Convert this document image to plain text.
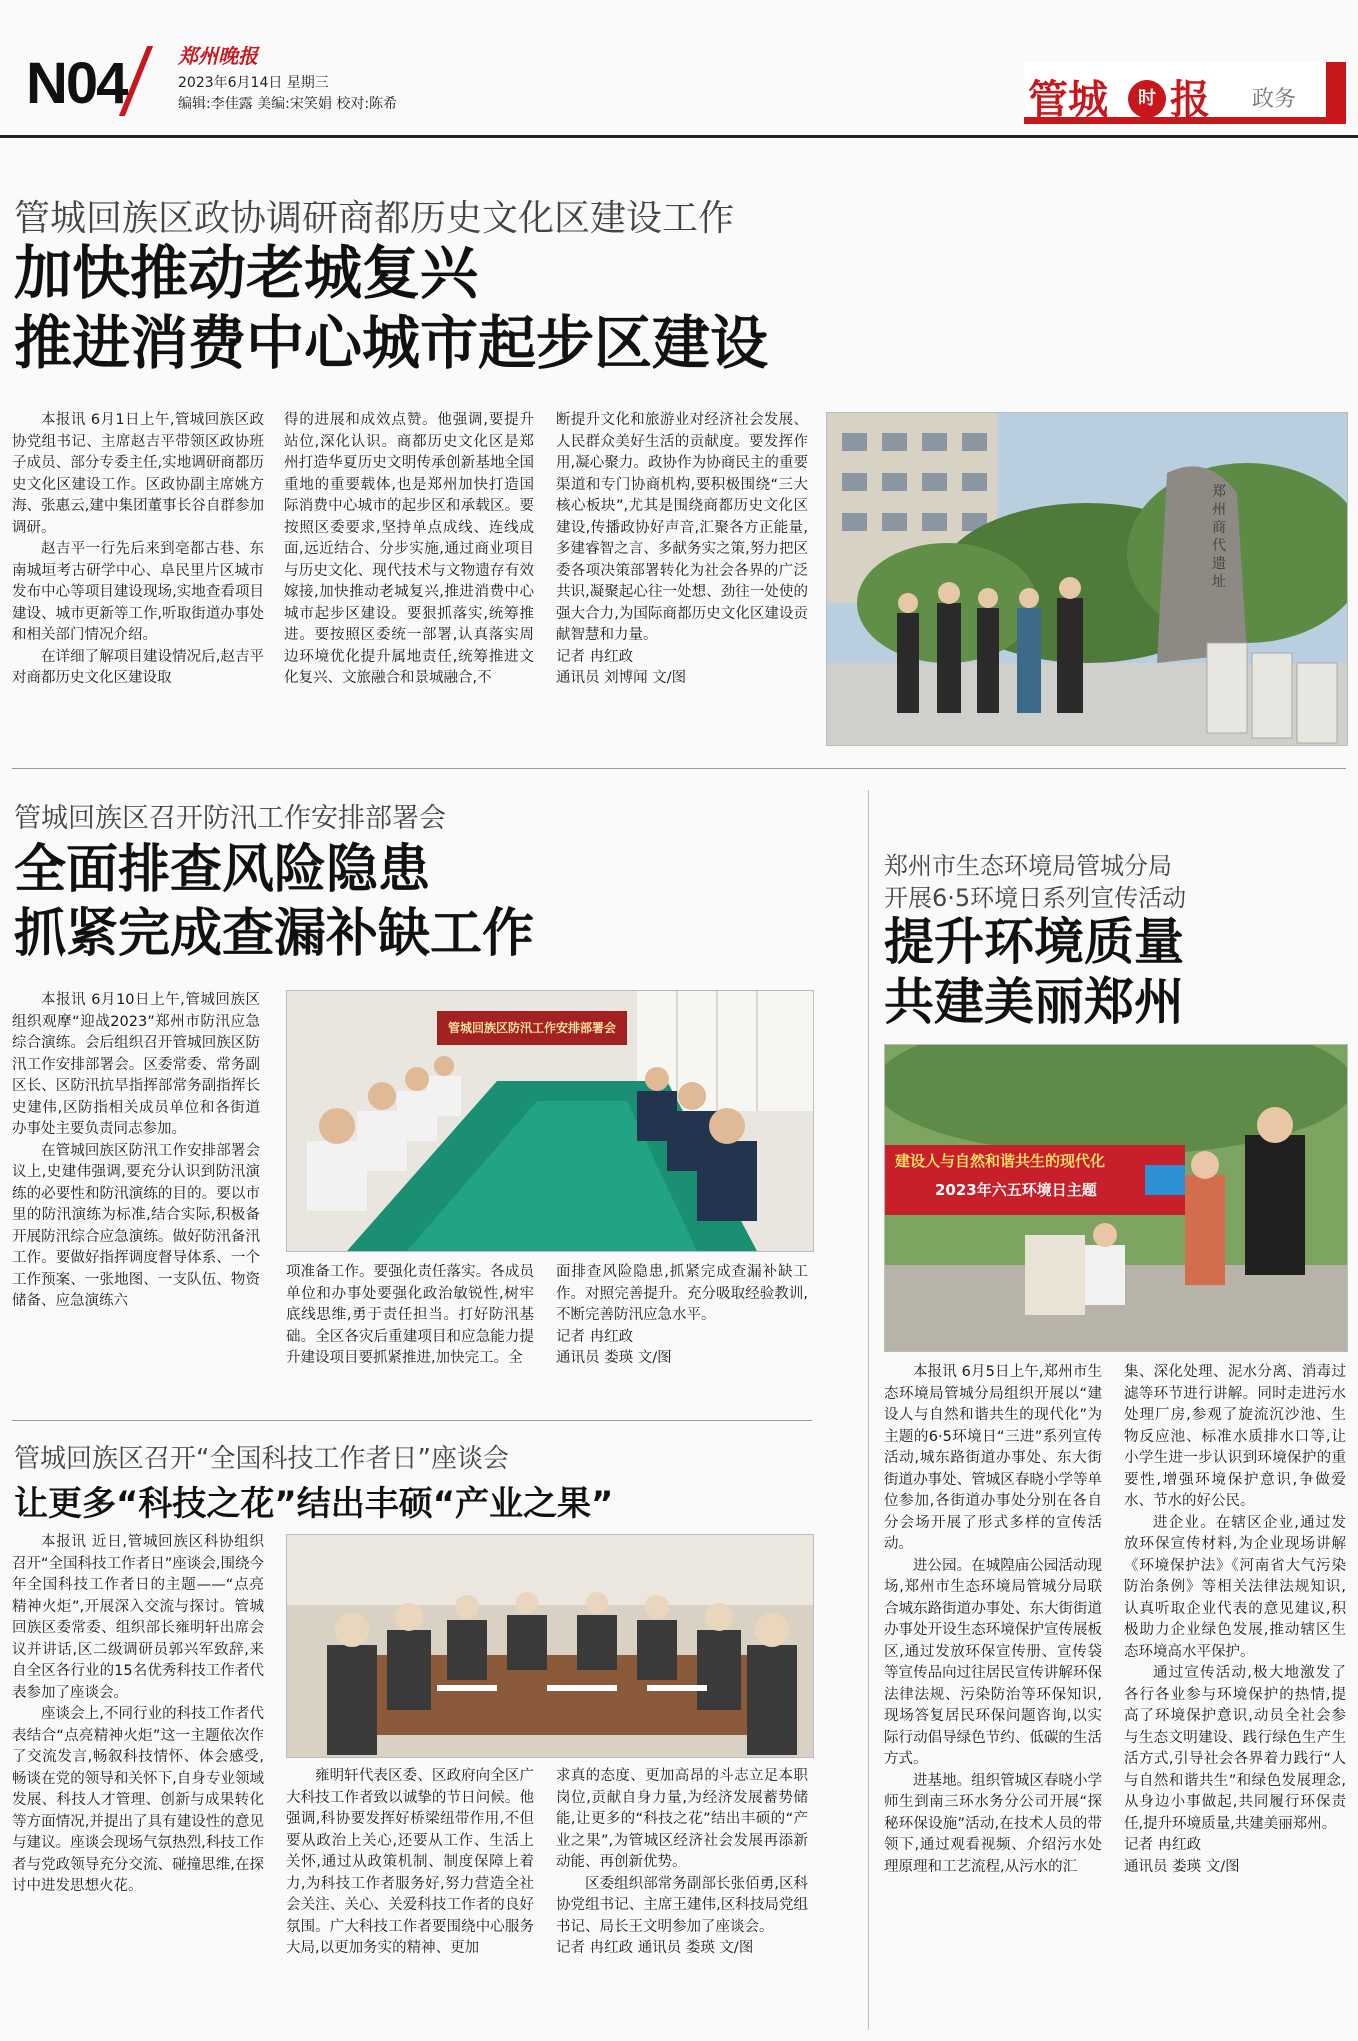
N04	郑州晚报
2023年6月14日 星期三
编辑:李佳露 美编:宋笑娟 校对:陈希	管城	时 报 政务
管城回族区政协调研商都历史文化区建设工作
加快推动老城复兴
推进消费中心城市起步区建设

本报讯 6月1日上午,管城回族区政协党组书记、主席赵吉平带领区政协班子成员、部分专委主任,实地调研商都历史文化区建设工作。区政协副主席姚方海、张惠云,建中集团董事长谷自群参加调研。

赵吉平一行先后来到亳都古巷、东南城垣考古研学中心、阜民里片区城市发布中心等项目建设现场,实地查看项目建设、城市更新等工作,听取街道办事处和相关部门情况介绍。

在详细了解项目建设情况后,赵吉平对商都历史文化区建设取

得的进展和成效点赞。他强调,要提升站位,深化认识。商都历史文化区是郑州打造华夏历史文明传承创新基地全国重地的重要载体,也是郑州加快打造国际消费中心城市的起步区和承载区。要按照区委要求,坚持单点成线、连线成面,远近结合、分步实施,通过商业项目与历史文化、现代技术与文物遗存有效嫁接,加快推动老城复兴,推进消费中心城市起步区建设。要狠抓落实,统筹推进。要按照区委统一部署,认真落实周边环境优化提升属地责任,统筹推进文化复兴、文旅融合和景城融合,不

断提升文化和旅游业对经济社会发展、人民群众美好生活的贡献度。要发挥作用,凝心聚力。政协作为协商民主的重要渠道和专门协商机构,要积极围绕“三大核心板块”,尤其是围绕商都历史文化区建设,传播政协好声音,汇聚各方正能量,多建睿智之言、多献务实之策,努力把区委各项决策部署转化为社会各界的广泛共识,凝聚起心往一处想、劲往一处使的强大合力,为国际商都历史文化区建设贡献智慧和力量。

记者 冉红政

通讯员 刘博闻 文/图

郑州商代遗址
管城回族区召开防汛工作安排部署会
全面排查风险隐患
抓紧完成查漏补缺工作

本报讯 6月10日上午,管城回族区组织观摩“迎战2023”郑州市防汛应急综合演练。会后组织召开管城回族区防汛工作安排部署会。区委常委、常务副区长、区防汛抗旱指挥部常务副指挥长史建伟,区防指相关成员单位和各街道办事处主要负责同志参加。

在管城回族区防汛工作安排部署会议上,史建伟强调,要充分认识到防汛演练的必要性和防汛演练的目的。要以市里的防汛演练为标准,结合实际,积极备开展防汛综合应急演练。做好防汛备汛工作。要做好指挥调度督导体系、一个工作预案、一张地图、一支队伍、物资储备、应急演练六

管城回族区防汛工作安排部署会

项准备工作。要强化责任落实。各成员单位和办事处要强化政治敏锐性,树牢底线思维,勇于责任担当。打好防汛基础。全区各灾后重建项目和应急能力提升建设项目要抓紧推进,加快完工。全

面排查风险隐患,抓紧完成查漏补缺工作。对照完善提升。充分吸取经验教训,不断完善防汛应急水平。

记者 冉红政

通讯员 娄瑛 文/图

管城回族区召开“全国科技工作者日”座谈会
让更多“科技之花”结出丰硕“产业之果”

本报讯 近日,管城回族区科协组织召开“全国科技工作者日”座谈会,围绕今年全国科技工作者日的主题——“点亮精神火炬”,开展深入交流与探讨。管城回族区委常委、组织部长雍明轩出席会议并讲话,区二级调研员郭兴军致辞,来自全区各行业的15名优秀科技工作者代表参加了座谈会。

座谈会上,不同行业的科技工作者代表结合“点亮精神火炬”这一主题依次作了交流发言,畅叙科技情怀、体会感受,畅谈在党的领导和关怀下,自身专业领域发展、科技人才管理、创新与成果转化等方面情况,并提出了具有建设性的意见与建议。座谈会现场气氛热烈,科技工作者与党政领导充分交流、碰撞思维,在探讨中进发思想火花。

雍明轩代表区委、区政府向全区广大科技工作者致以诚挚的节日问候。他强调,科协要发挥好桥梁纽带作用,不但要从政治上关心,还要从工作、生活上关怀,通过从政策机制、制度保障上着力,为科技工作者服务好,努力营造全社会关注、关心、关爱科技工作者的良好氛围。广大科技工作者要围绕中心服务大局,以更加务实的精神、更加

求真的态度、更加高昂的斗志立足本职岗位,贡献自身力量,为经济发展蓄势储能,让更多的“科技之花”结出丰硕的“产业之果”,为管城区经济社会发展再添新动能、再创新优势。

区委组织部常务副部长张佰勇,区科协党组书记、主席王建伟,区科技局党组书记、局长王文明参加了座谈会。

记者 冉红政 通讯员 娄瑛 文/图

郑州市生态环境局管城分局
开展6·5环境日系列宣传活动
提升环境质量
共建美丽郑州
建设人与自然和谐共生的现代化
2023年六五环境日主题

本报讯 6月5日上午,郑州市生态环境局管城分局组织开展以“建设人与自然和谐共生的现代化”为主题的6·5环境日“三进”系列宣传活动,城东路街道办事处、东大街街道办事处、管城区春晓小学等单位参加,各街道办事处分别在各自分会场开展了形式多样的宣传活动。

进公园。在城隍庙公园活动现场,郑州市生态环境局管城分局联合城东路街道办事处、东大街街道办事处开设生态环境保护宣传展板区,通过发放环保宣传册、宣传袋等宣传品向过往居民宣传讲解环保法律法规、污染防治等环保知识,现场答复居民环保问题咨询,以实际行动倡导绿色节约、低碳的生活方式。

进基地。组织管城区春晓小学师生到南三环水务分公司开展“探秘环保设施”活动,在技术人员的带领下,通过观看视频、介绍污水处理原理和工艺流程,从污水的汇

集、深化处理、泥水分离、消毒过滤等环节进行讲解。同时走进污水处理厂房,参观了旋流沉沙池、生物反应池、标准水质排水口等,让小学生进一步认识到环境保护的重要性,增强环境保护意识,争做爱水、节水的好公民。

进企业。在辖区企业,通过发放环保宣传材料,为企业现场讲解《环境保护法》《河南省大气污染防治条例》等相关法律法规知识,认真听取企业代表的意见建议,积极助力企业绿色发展,推动辖区生态环境高水平保护。

通过宣传活动,极大地激发了各行各业参与环境保护的热情,提高了环境保护意识,动员全社会参与生态文明建设、践行绿色生产生活方式,引导社会各界着力践行“人与自然和谐共生”和绿色发展理念,从身边小事做起,共同履行环保责任,提升环境质量,共建美丽郑州。

记者 冉红政

通讯员 娄瑛 文/图
